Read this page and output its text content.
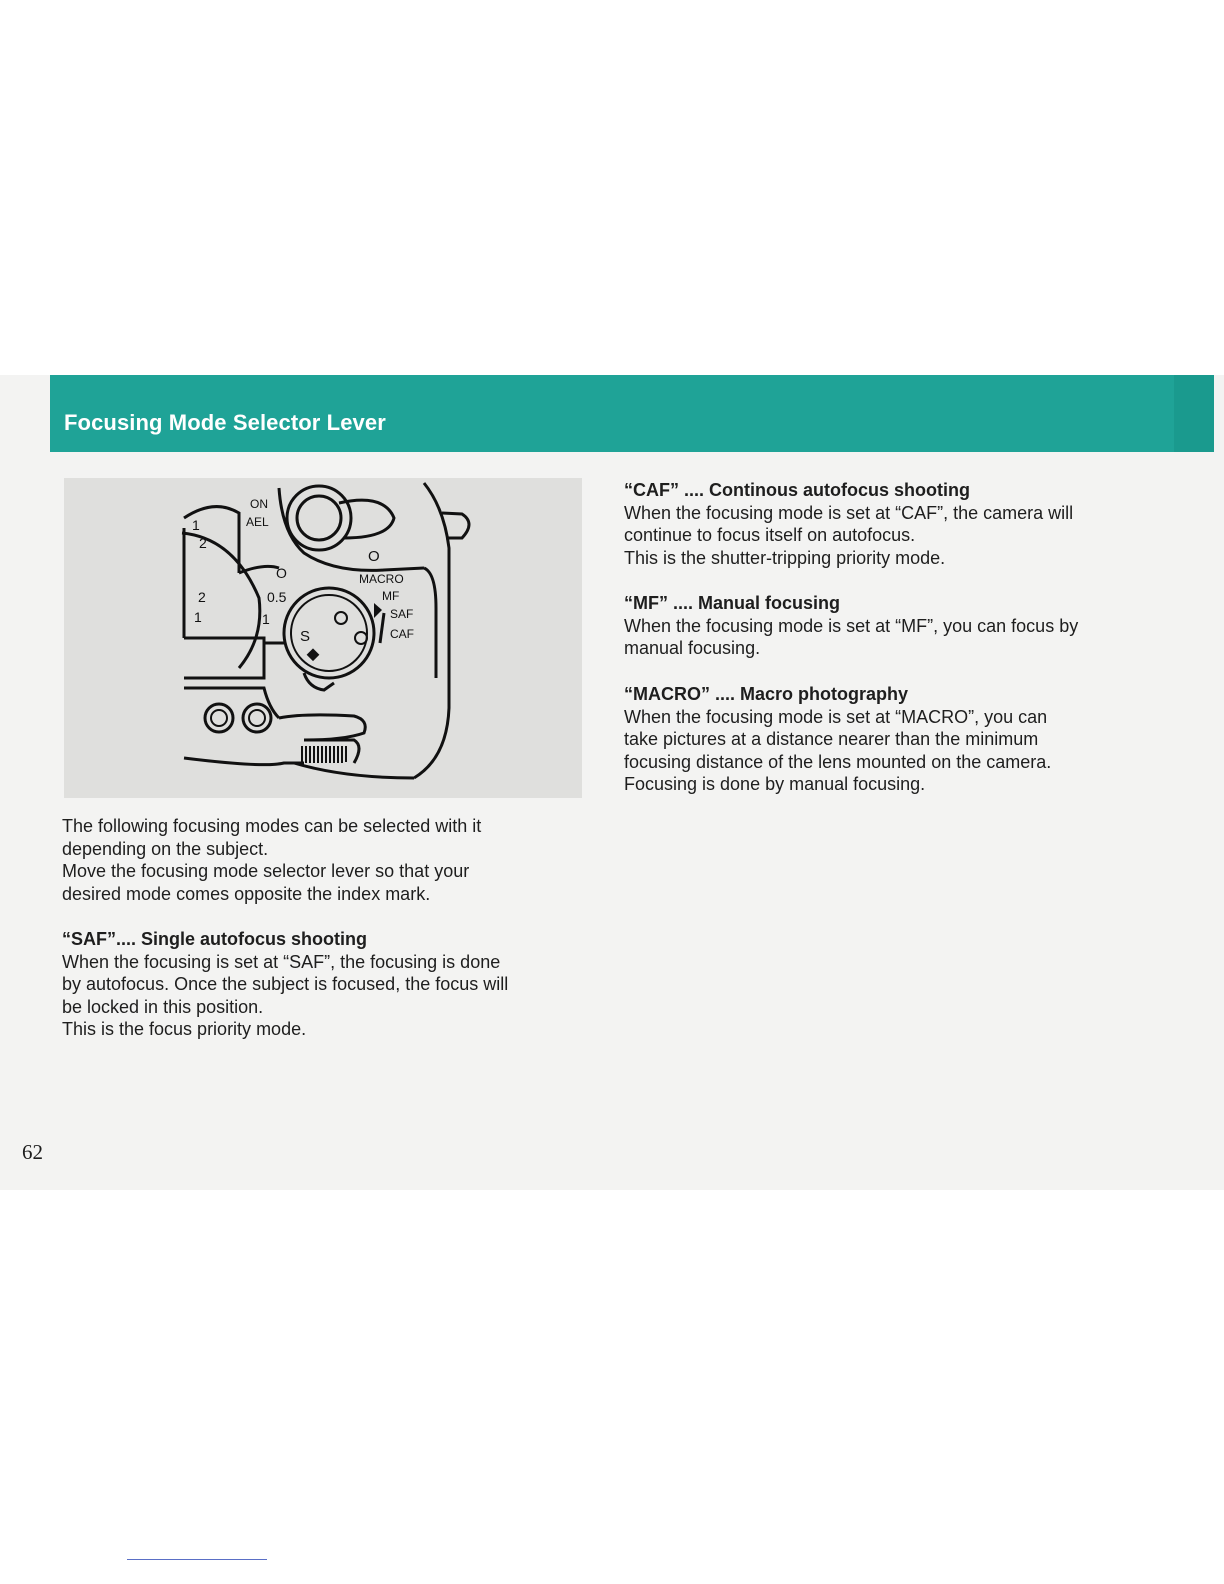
Focusing Mode Selector Lever
ON
AEL
O
MACRO
MF
SAF
CAF
O
0.5
1
S
1
2
2
1

The following focusing modes can be selected with it

depending on the subject.

Move the focusing mode selector lever so that your

desired mode comes opposite the index mark.

“SAF”.... Single autofocus shooting

When the focusing is set at “SAF”, the focusing is done

by autofocus. Once the subject is focused, the focus will

be locked in this position.

This is the focus priority mode.

“CAF” .... Continous autofocus shooting

When the focusing mode is set at “CAF”, the camera will

continue to focus itself on autofocus.

This is the shutter-tripping priority mode.

“MF” .... Manual focusing

When the focusing mode is set at “MF”, you can focus by

manual focusing.

“MACRO” .... Macro photography

When the focusing mode is set at “MACRO”, you can

take pictures at a distance nearer than the minimum

focusing distance of the lens mounted on the camera.

Focusing is done by manual focusing.

62
